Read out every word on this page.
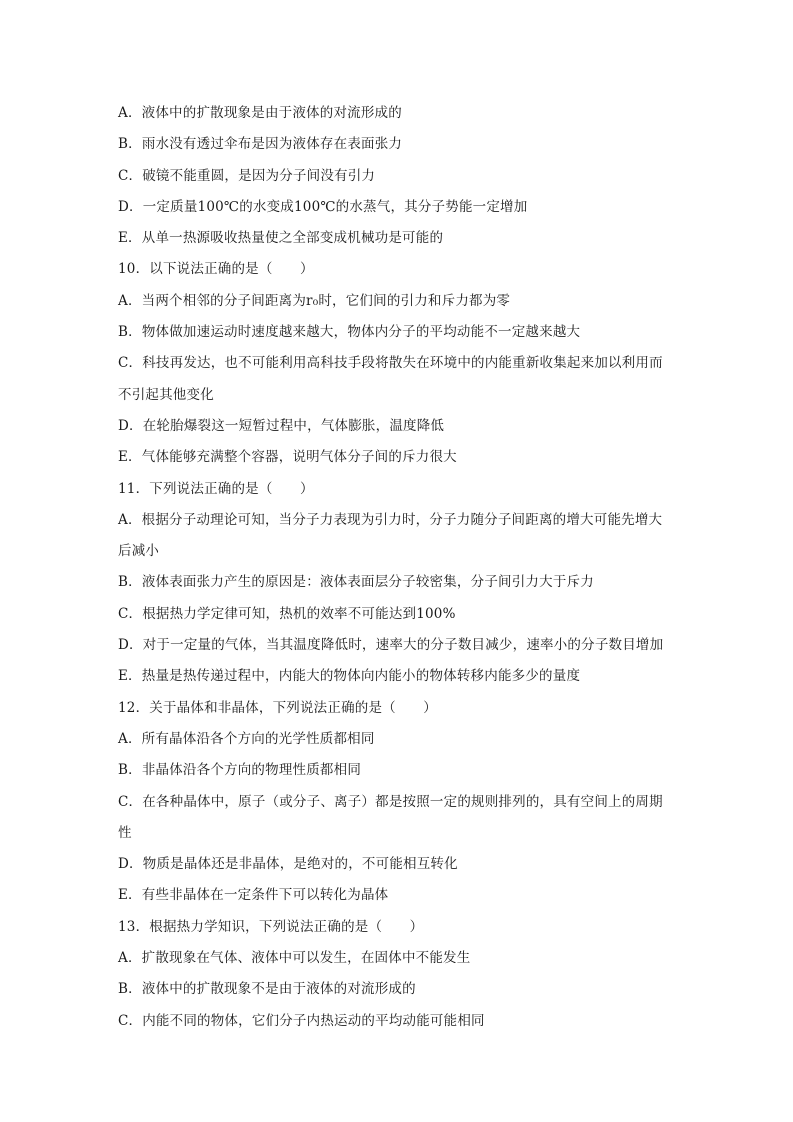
A．液体中的扩散现象是由于液体的对流形成的
B．雨水没有透过伞布是因为液体存在表面张力
C．破镜不能重圆，是因为分子间没有引力
D．一定质量100℃的水变成100℃的水蒸气，其分子势能一定增加
E．从单一热源吸收热量使之全部变成机械功是可能的
10．以下说法正确的是（　　）
A．当两个相邻的分子间距离为r₀时，它们间的引力和斥力都为零
B．物体做加速运动时速度越来越大，物体内分子的平均动能不一定越来越大
C．科技再发达，也不可能利用高科技手段将散失在环境中的内能重新收集起来加以利用而
不引起其他变化
D．在轮胎爆裂这一短暂过程中，气体膨胀，温度降低
E．气体能够充满整个容器，说明气体分子间的斥力很大
11．下列说法正确的是（　　）
A．根据分子动理论可知，当分子力表现为引力时，分子力随分子间距离的增大可能先增大
后减小
B．液体表面张力产生的原因是：液体表面层分子较密集，分子间引力大于斥力
C．根据热力学定律可知，热机的效率不可能达到100%
D．对于一定量的气体，当其温度降低时，速率大的分子数目减少，速率小的分子数目增加
E．热量是热传递过程中，内能大的物体向内能小的物体转移内能多少的量度
12．关于晶体和非晶体，下列说法正确的是（　　）
A．所有晶体沿各个方向的光学性质都相同
B．非晶体沿各个方向的物理性质都相同
C．在各种晶体中，原子（或分子、离子）都是按照一定的规则排列的，具有空间上的周期
性
D．物质是晶体还是非晶体，是绝对的，不可能相互转化
E．有些非晶体在一定条件下可以转化为晶体
13．根据热力学知识，下列说法正确的是（　　）
A．扩散现象在气体、液体中可以发生，在固体中不能发生
B．液体中的扩散现象不是由于液体的对流形成的
C．内能不同的物体，它们分子内热运动的平均动能可能相同
